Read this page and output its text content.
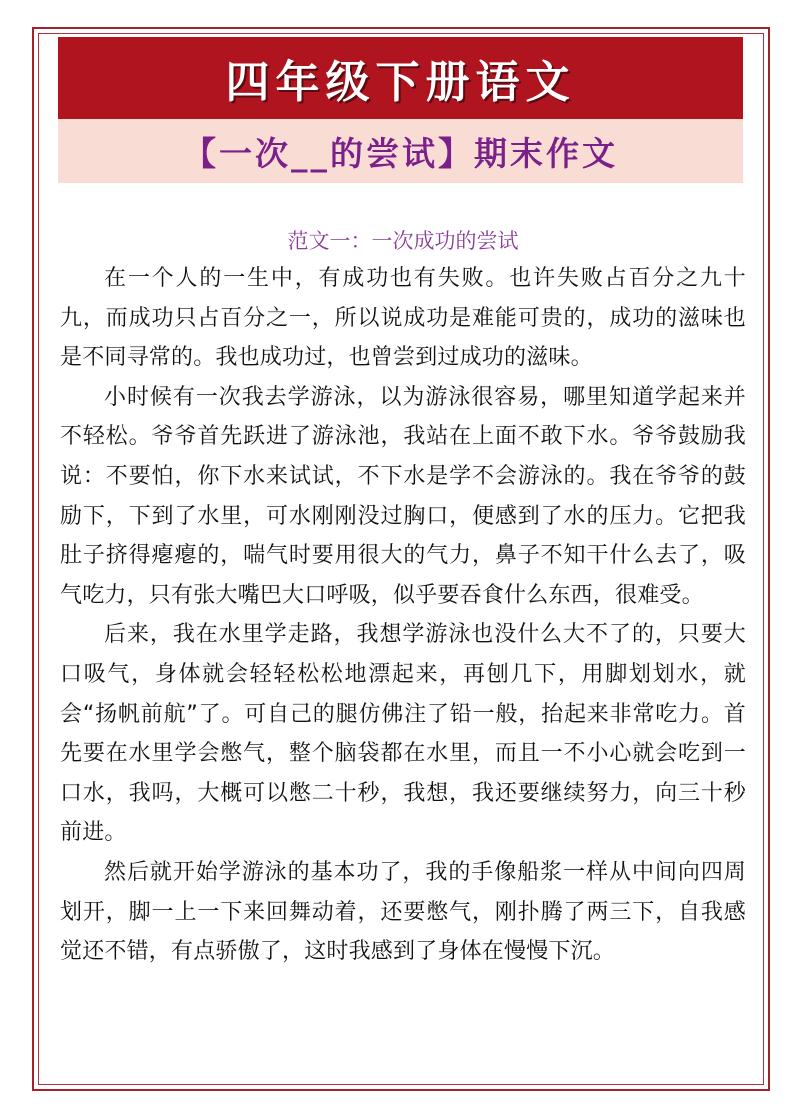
四年级下册语文
【一次__的尝试】期末作文
范文一：一次成功的尝试

在一个人的一生中，有成功也有失败。也许失败占百分之九十九，而成功只占百分之一，所以说成功是难能可贵的，成功的滋味也是不同寻常的。我也成功过，也曾尝到过成功的滋味。

小时候有一次我去学游泳，以为游泳很容易，哪里知道学起来并不轻松。爷爷首先跃进了游泳池，我站在上面不敢下水。爷爷鼓励我说：不要怕，你下水来试试，不下水是学不会游泳的。我在爷爷的鼓励下，下到了水里，可水刚刚没过胸口，便感到了水的压力。它把我肚子挤得瘪瘪的，喘气时要用很大的气力，鼻子不知干什么去了，吸气吃力，只有张大嘴巴大口呼吸，似乎要吞食什么东西，很难受。

后来，我在水里学走路，我想学游泳也没什么大不了的，只要大口吸气，身体就会轻轻松松地漂起来，再刨几下，用脚划划水，就会“扬帆前航”了。可自己的腿仿佛注了铅一般，抬起来非常吃力。首先要在水里学会憋气，整个脑袋都在水里，而且一不小心就会吃到一口水，我吗，大概可以憋二十秒，我想，我还要继续努力，向三十秒前进。

然后就开始学游泳的基本功了，我的手像船浆一样从中间向四周划开，脚一上一下来回舞动着，还要憋气，刚扑腾了两三下，自我感觉还不错，有点骄傲了，这时我感到了身体在慢慢下沉。
